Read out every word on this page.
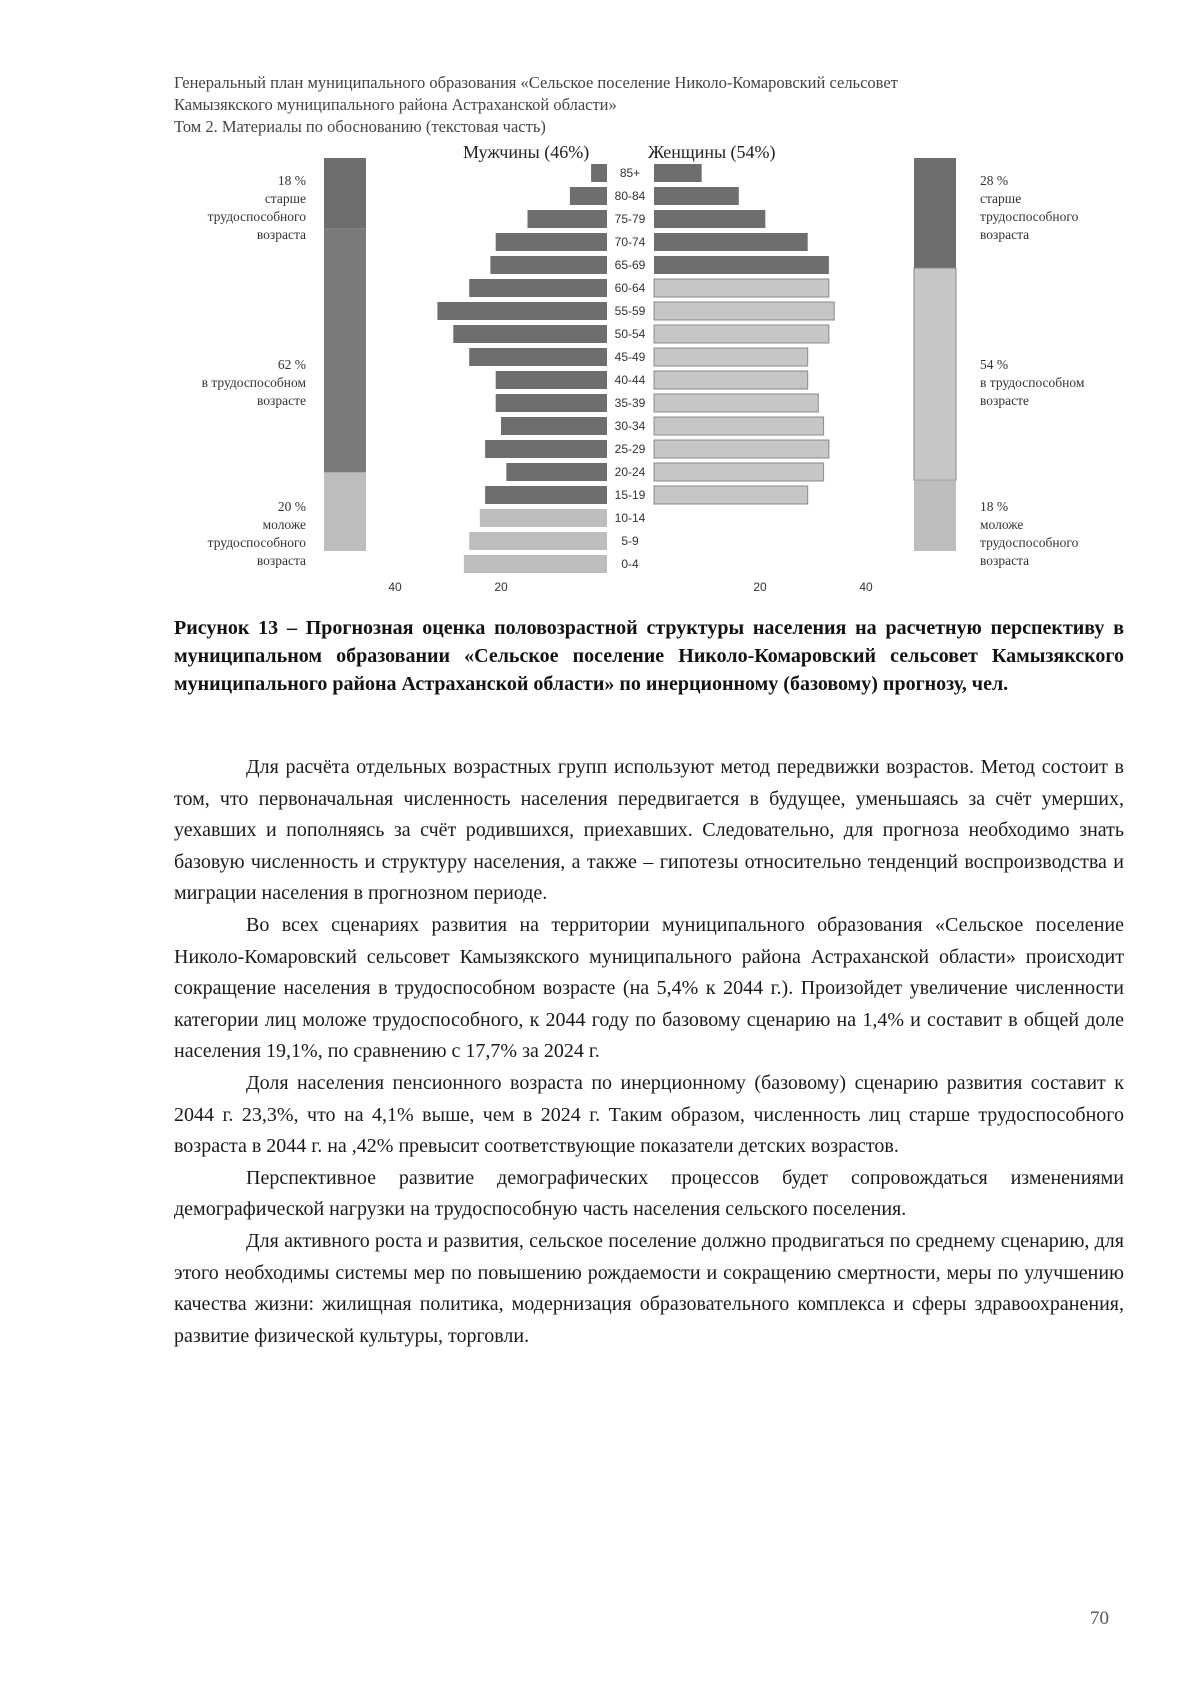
Генеральный план муниципального образования «Сельское поселение Николо-Комаровский сельсовет
Камызякского муниципального района Астраханской области»
Том 2. Материалы по обоснованию (текстовая часть)
85+
80-84
75-79
70-74
65-69
60-64
55-59
50-54
45-49
40-44
35-39
30-34
25-29
20-24
15-19
10-14
5-9
0-4
40	20	20	40
Мужчины (46%)	Женщины (54%)
18 %
старше
трудоспособного
возраста
62 %
в трудоспособном
возрасте
20 %
моложе
трудоспособного
возраста
28 %
старше
трудоспособного
возраста
54 %
в трудоспособном
возрасте
18 %
моложе
трудоспособного
возраста
Рисунок 13 – Прогнозная оценка половозрастной структуры населения на расчетную перспективу в муниципальном образовании «Сельское поселение Николо-Комаровский сельсовет Камызякского муниципального района Астраханской области» по инерционному (базовому) прогнозу, чел.

Для расчёта отдельных возрастных групп используют метод передвижки возрастов. Метод состоит в том, что первоначальная численность населения передвигается в будущее, уменьшаясь за счёт умерших, уехавших и пополняясь за счёт родившихся, приехавших. Следовательно, для прогноза необходимо знать базовую численность и структуру населения, а также – гипотезы относительно тенденций воспроизводства и миграции населения в прогнозном периоде.

Во всех сценариях развития на территории муниципального образования «Сельское поселение Николо-Комаровский сельсовет Камызякского муниципального района Астраханской области» происходит сокращение населения в трудоспособном возрасте (на 5,4% к 2044 г.). Произойдет увеличение численности категории лиц моложе трудоспособного, к 2044 году по базовому сценарию на 1,4% и составит в общей доле населения 19,1%, по сравнению с 17,7% за 2024 г.

Доля населения пенсионного возраста по инерционному (базовому) сценарию развития составит к 2044 г. 23,3%, что на 4,1% выше, чем в 2024 г. Таким образом, численность лиц старше трудоспособного возраста в 2044 г. на ,42% превысит соответствующие показатели детских возрастов.

Перспективное развитие демографических процессов будет сопровождаться изменениями демографической нагрузки на трудоспособную часть населения сельского поселения.

Для активного роста и развития, сельское поселение должно продвигаться по среднему сценарию, для этого необходимы системы мер по повышению рождаемости и сокращению смертности, меры по улучшению качества жизни: жилищная политика, модернизация образовательного комплекса и сферы здравоохранения, развитие физической культуры, торговли.

70
